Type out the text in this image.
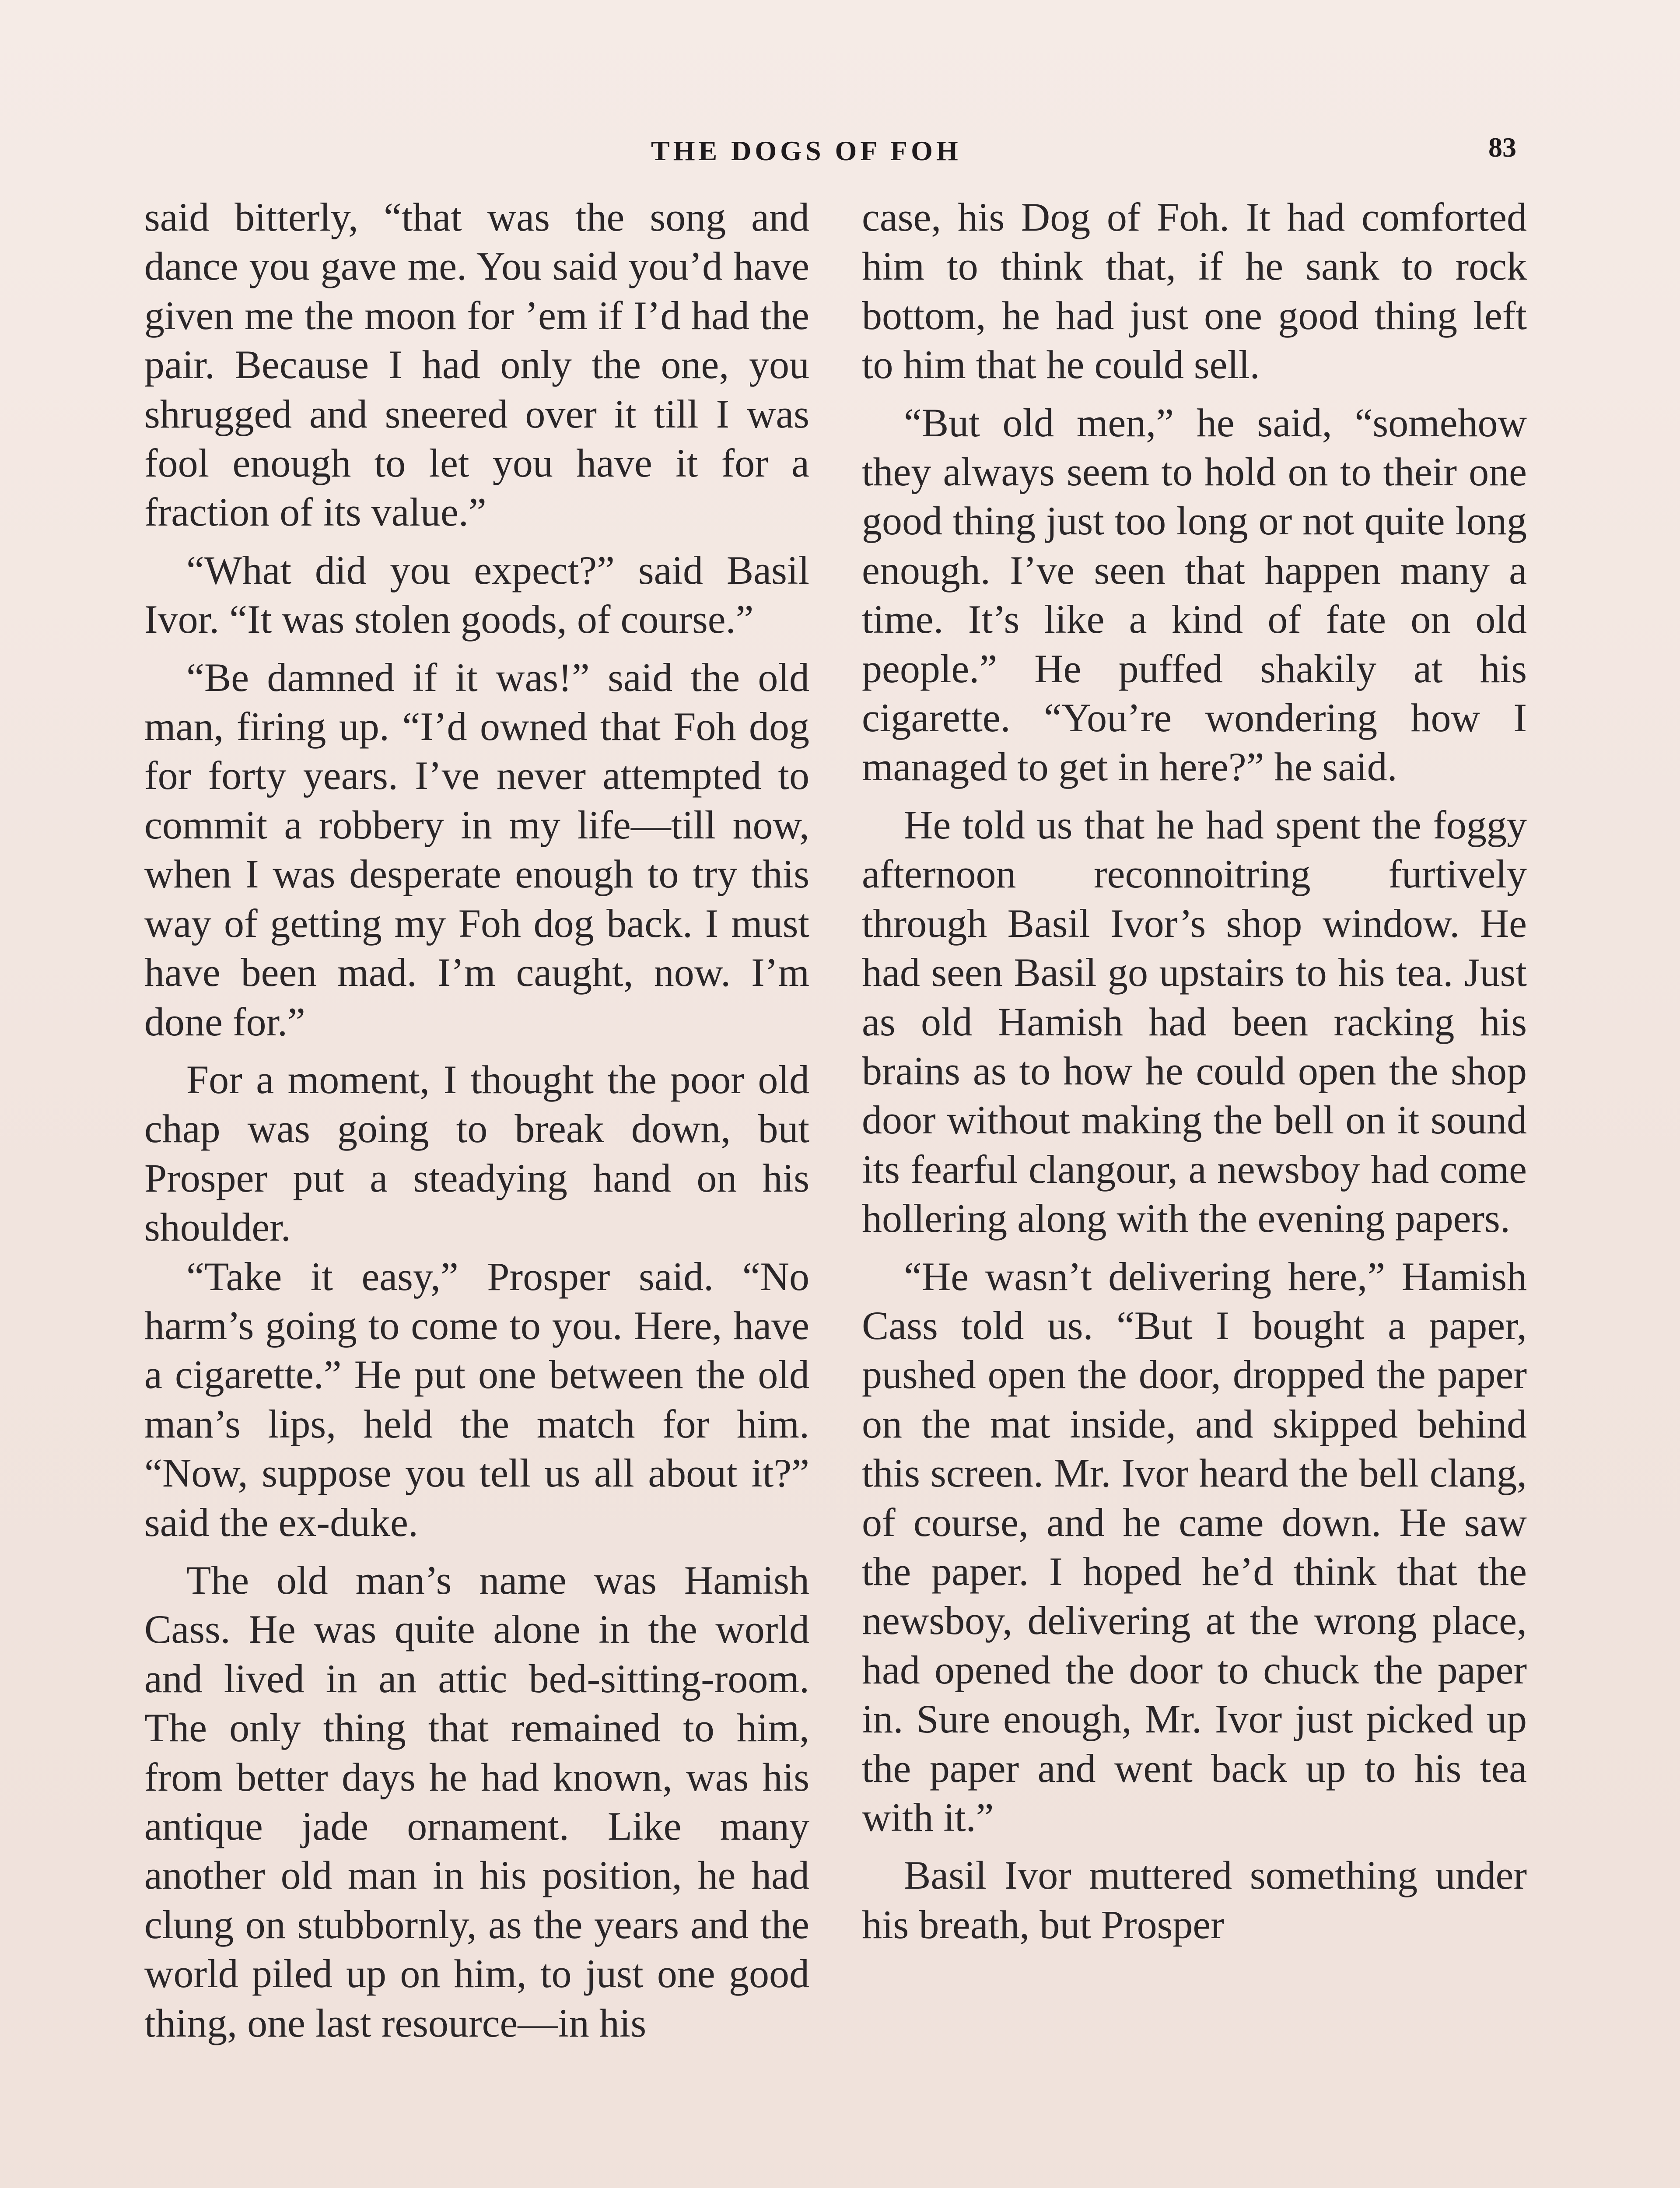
THE DOGS OF FOH	83

said bitterly, “that was the song and dance you gave me. You said you’d have given me the moon for ’em if I’d had the pair. Because I had only the one, you shrugged and sneered over it till I was fool enough to let you have it for a fraction of its value.”

“What did you expect?” said Basil Ivor. “It was stolen goods, of course.”

“Be damned if it was!” said the old man, firing up. “I’d owned that Foh dog for forty years. I’ve never attempted to commit a robbery in my life—till now, when I was desperate enough to try this way of getting my Foh dog back. I must have been mad. I’m caught, now. I’m done for.”

For a moment, I thought the poor old chap was going to break down, but Prosper put a steadying hand on his shoulder.

“Take it easy,” Prosper said. “No harm’s going to come to you. Here, have a cigarette.” He put one between the old man’s lips, held the match for him. “Now, suppose you tell us all about it?” said the ex-duke.

The old man’s name was Hamish Cass. He was quite alone in the world and lived in an attic bed-sitting-room. The only thing that remained to him, from better days he had known, was his antique jade ornament. Like many another old man in his position, he had clung on stubbornly, as the years and the world piled up on him, to just one good thing, one last resource—in his

case, his Dog of Foh. It had comforted him to think that, if he sank to rock bottom, he had just one good thing left to him that he could sell.

“But old men,” he said, “somehow they always seem to hold on to their one good thing just too long or not quite long enough. I’ve seen that happen many a time. It’s like a kind of fate on old people.” He puffed shakily at his cigarette. “You’re wondering how I managed to get in here?” he said.

He told us that he had spent the foggy afternoon reconnoitring furtively through Basil Ivor’s shop window. He had seen Basil go upstairs to his tea. Just as old Hamish had been racking his brains as to how he could open the shop door without making the bell on it sound its fearful clangour, a newsboy had come hollering along with the evening papers.

“He wasn’t delivering here,” Hamish Cass told us. “But I bought a paper, pushed open the door, dropped the paper on the mat inside, and skipped behind this screen. Mr. Ivor heard the bell clang, of course, and he came down. He saw the paper. I hoped he’d think that the newsboy, delivering at the wrong place, had opened the door to chuck the paper in. Sure enough, Mr. Ivor just picked up the paper and went back up to his tea with it.”

Basil Ivor muttered something under his breath, but Prosper
